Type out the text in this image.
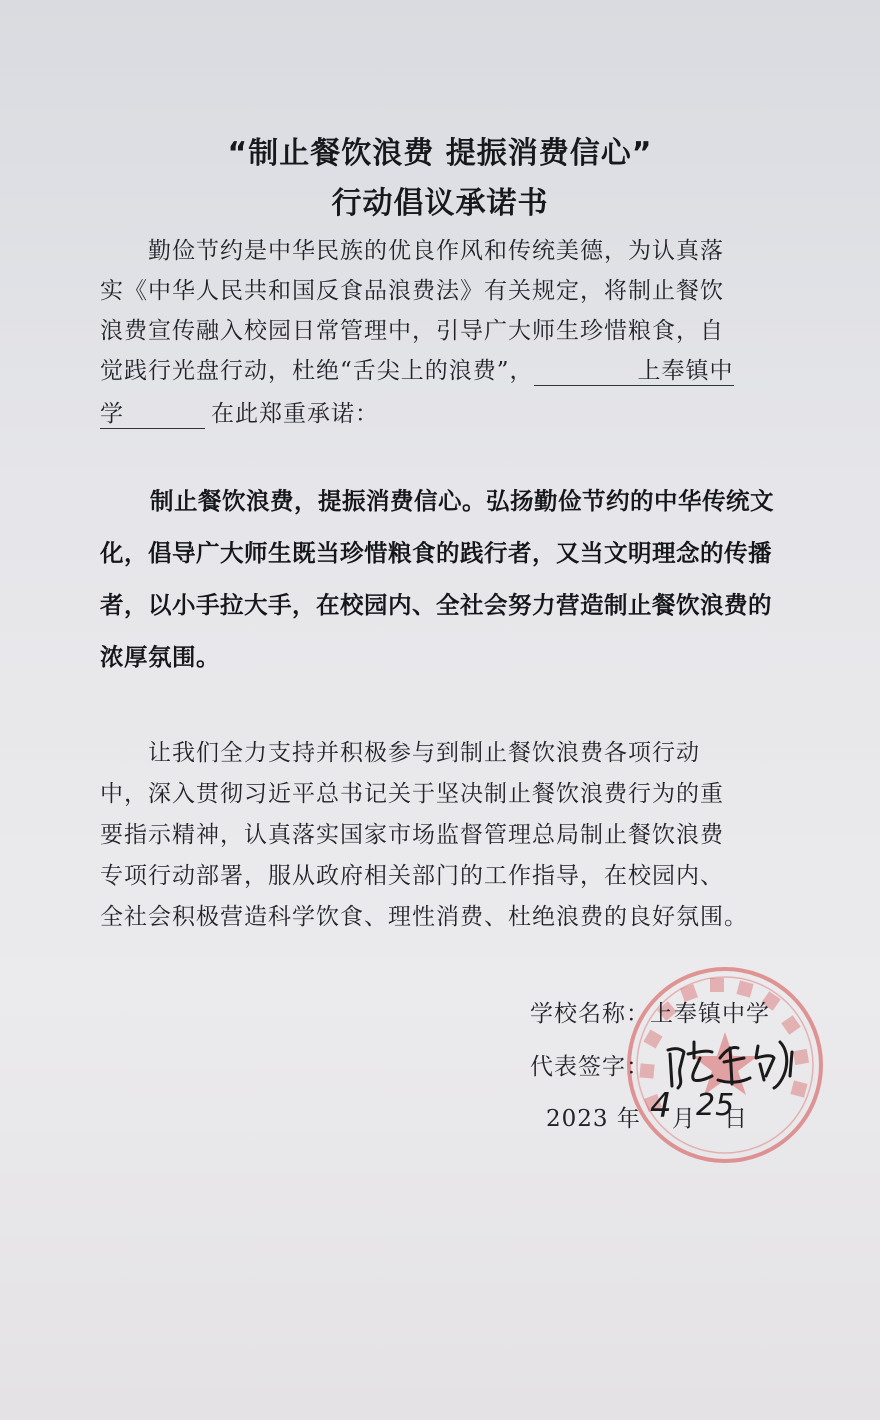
“制止餐饮浪费 提振消费信心”
行动倡议承诺书
勤俭节约是中华民族的优良作风和传统美德，为认真落
实《中华人民共和国反食品浪费法》有关规定，将制止餐饮
浪费宣传融入校园日常管理中，引导广大师生珍惜粮食，自
觉践行光盘行动，杜绝“舌尖上的浪费”，	上奉镇中
学	在此郑重承诺：
制止餐饮浪费，提振消费信心。弘扬勤俭节约的中华传统文
化，倡导广大师生既当珍惜粮食的践行者，又当文明理念的传播
者，以小手拉大手，在校园内、全社会努力营造制止餐饮浪费的
浓厚氛围。
让我们全力支持并积极参与到制止餐饮浪费各项行动
中，深入贯彻习近平总书记关于坚决制止餐饮浪费行为的重
要指示精神，认真落实国家市场监督管理总局制止餐饮浪费
专项行动部署，服从政府相关部门的工作指导，在校园内、
全社会积极营造科学饮食、理性消费、杜绝浪费的良好氛围。
学校名称：上奉镇中学
代表签字：
2023 年 4 月 25
日
